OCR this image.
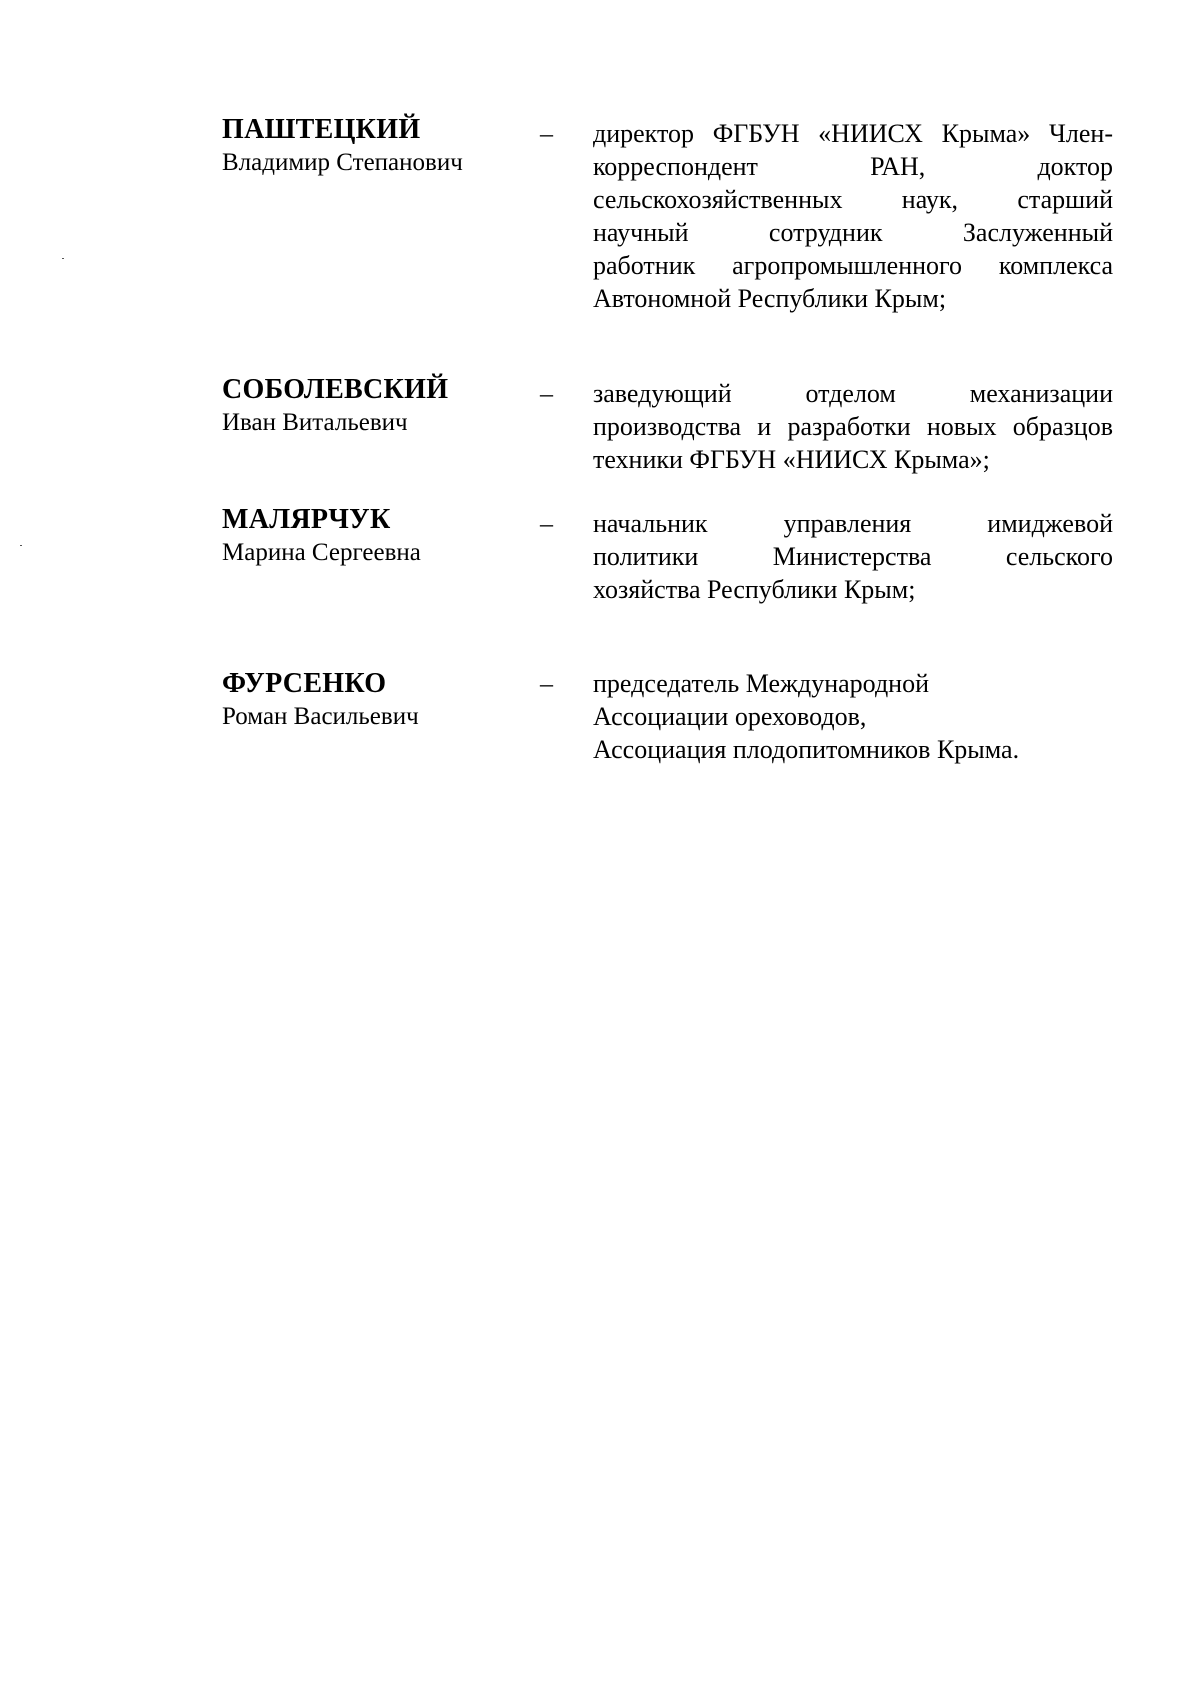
ПАШТЕЦКИЙ
Владимир Степанович
– директор ФГБУН «НИИСХ Крыма» Член-
корреспондент РАН, доктор
сельскохозяйственных наук, старший
научный сотрудник Заслуженный
работник агропромышленного комплекса
Автономной Республики Крым;
СОБОЛЕВСКИЙ
Иван Витальевич
– заведующий отделом механизации
производства и разработки новых образцов
техники ФГБУН «НИИСХ Крыма»;
МАЛЯРЧУК
Марина Сергеевна
– начальник управления имиджевой
политики Министерства сельского
хозяйства Республики Крым;
ФУРСЕНКО
Роман Васильевич
– председатель Международной
Ассоциации ореховодов,
Ассоциация плодопитомников Крыма.
